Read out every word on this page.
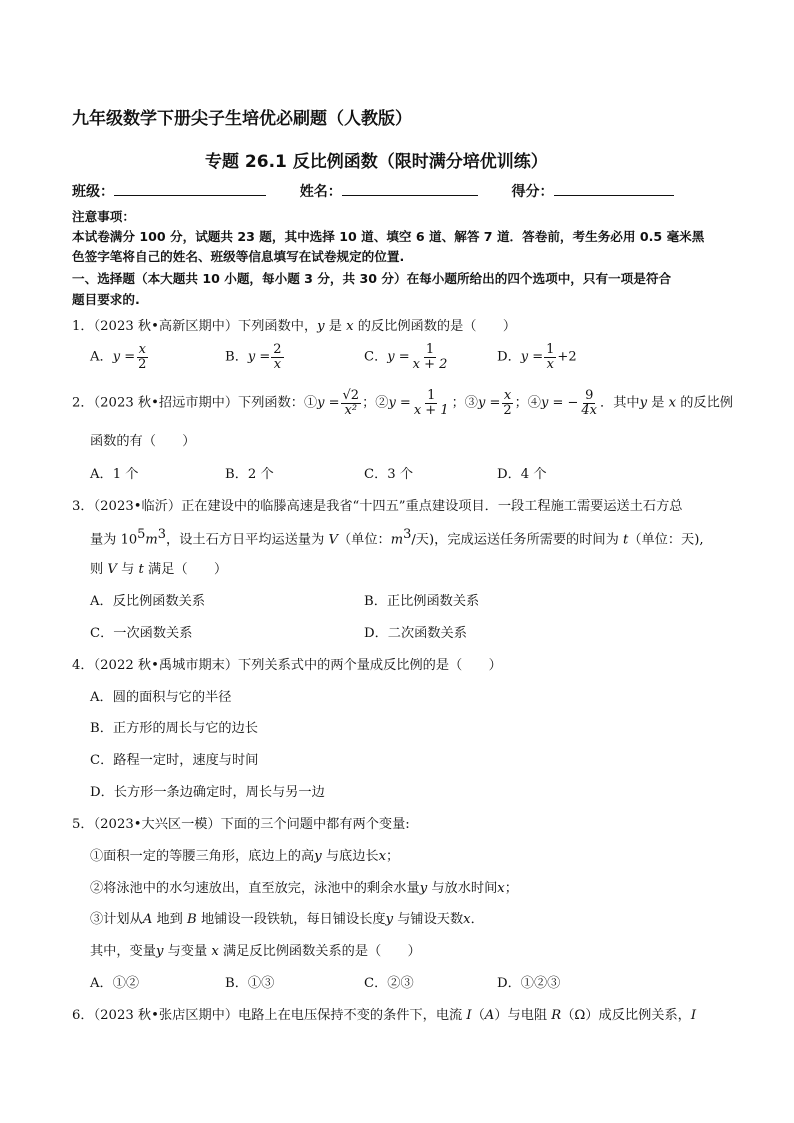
九年级数学下册尖子生培优必刷题（人教版）
专题 26.1 反比例函数（限时满分培优训练）
班级：	姓名：	得分：
注意事项：
本试卷满分 100 分，试题共 23 题，其中选择 10 道、填空 6 道、解答 7 道．答卷前，考生务必用 0.5 毫米黑
色签字笔将自己的姓名、班级等信息填写在试卷规定的位置.
一、选择题（本大题共 10 小题，每小题 3 分，共 30 分）在每小题所给出的四个选项中，只有一项是符合
题目要求的.
1．（2023 秋•高新区期中）下列函数中，y 是 x 的反比例函数的是（　　）
A．$y = \frac{x}{2}$	B．$y = \frac{2}{x}$	C．$y = \frac{1}{x + 2}$	D．$y = \frac{1}{x} +2$
2．（2023 秋•招远市期中）下列函数：①y = $\frac{√2}{\text{x²}}$ ；②y = $\frac{1}{x + 1}$ ；③y = $\frac{x}{2}$ ；④y = − $\frac{9}{4x}$ ．其中y 是 x 的反比例
函数的有（　　）
A．1 个	B．2 个	C．3 个	D．4 个
3．（2023•临沂）正在建设中的临滕高速是我省“十四五”重点建设项目．一段工程施工需要运送土石方总
量为 $10^5m^3$，设土石方日平均运送量为 V（单位：$m^3/$天)，完成运送任务所需要的时间为 t（单位：天),
则 V 与 t 满足（　　）
A．反比例函数关系	B．正比例函数关系
C．一次函数关系	D．二次函数关系
4．（2022 秋•禹城市期末）下列关系式中的两个量成反比例的是（　　）
A．圆的面积与它的半径
B．正方形的周长与它的边长
C．路程一定时，速度与时间
D．长方形一条边确定时，周长与另一边
5．（2023•大兴区一模）下面的三个问题中都有两个变量:
①面积一定的等腰三角形，底边上的高y 与底边长x；
②将泳池中的水匀速放出，直至放完，泳池中的剩余水量y 与放水时间x；
③计划从A 地到 B 地铺设一段铁轨，每日铺设长度y 与铺设天数x．
其中，变量y 与变量 x 满足反比例函数关系的是（　　）
A．①②	B．①③	C．②③	D．①②③
6．（2023 秋•张店区期中）电路上在电压保持不变的条件下，电流 I（A）与电阻 R（Ω）成反比例关系，I
